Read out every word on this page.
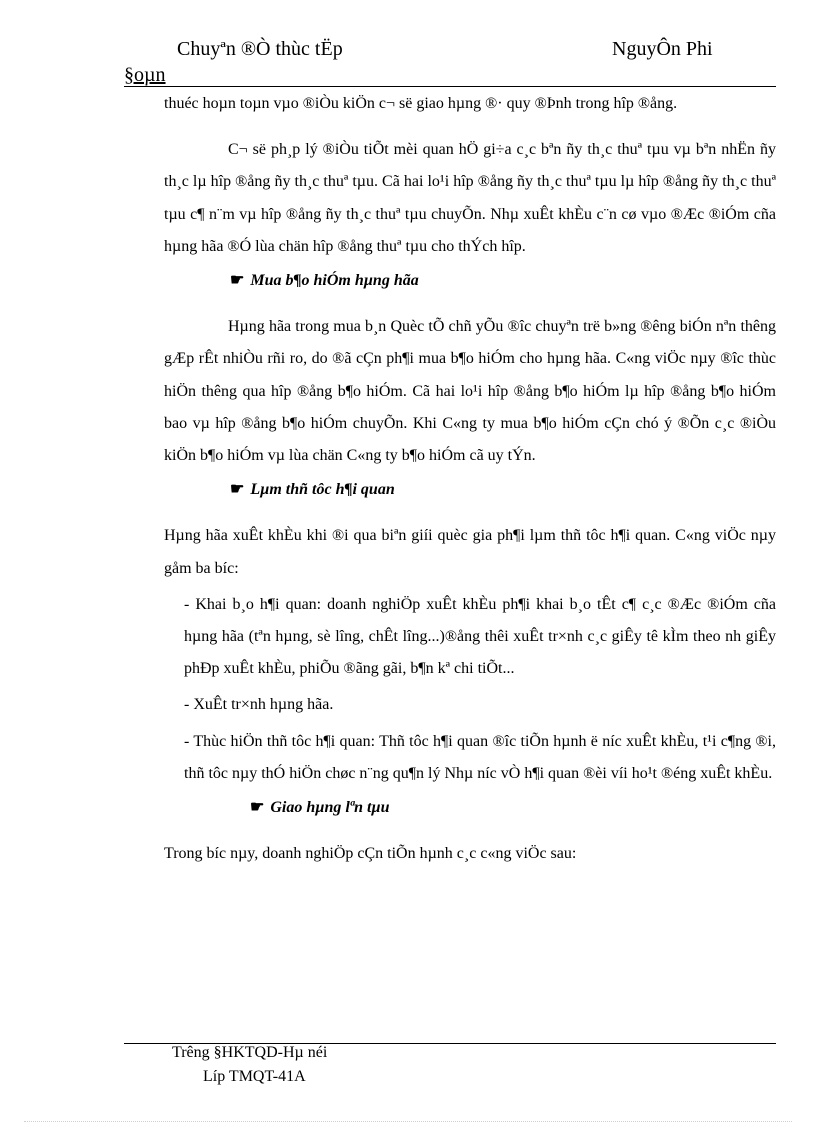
Chuyªn ®Ò thùc tËp	NguyÔn Phi
§oµn

thuéc hoµn toµn vµo ®iÒu kiÖn c¬ së giao hµng ®· quy ®Þnh trong hîp ®ång.

C¬ së ph¸p lý ®iÒu tiÕt mèi quan hÖ gi÷a c¸c bªn ñy th¸c thuª tµu vµ bªn nhËn ñy th¸c lµ hîp ®ång ñy th¸c thuª tµu. Cã hai lo¹i hîp ®ång ñy th¸c thuª tµu lµ hîp ®ång ñy th¸c thuª tµu c¶ n¨m vµ hîp ®ång ñy th¸c thuª tµu chuyÕn. Nhµ xuÊt khÈu c¨n cø vµo ®Æc ®iÓm cña hµng hãa ®Ó lùa chän hîp ®ång thuª tµu cho thÝch hîp.

☛ Mua b¶o hiÓm hµng hãa

Hµng hãa trong mua b¸n Quèc tÕ chñ yÕu ®îc chuyªn trë b»ng ®êng biÓn nªn thêng gÆp rÊt nhiÒu rñi ro, do ®ã cÇn ph¶i mua b¶o hiÓm cho hµng hãa. C«ng viÖc nµy ®îc thùc hiÖn thêng qua hîp ®ång b¶o hiÓm. Cã hai lo¹i hîp ®ång b¶o hiÓm lµ hîp ®ång b¶o hiÓm bao vµ hîp ®ång b¶o hiÓm chuyÕn. Khi C«ng ty mua b¶o hiÓm cÇn chó ý ®Õn c¸c ®iÒu kiÖn b¶o hiÓm vµ lùa chän C«ng ty b¶o hiÓm cã uy tÝn.

☛ Lµm thñ tôc h¶i quan

Hµng hãa xuÊt khÈu khi ®i qua biªn giíi quèc gia ph¶i lµm thñ tôc h¶i quan. C«ng viÖc nµy gåm ba bíc:

- Khai b¸o h¶i quan: doanh nghiÖp xuÊt khÈu ph¶i khai b¸o tÊt c¶ c¸c ®Æc ®iÓm cña hµng hãa (tªn hµng, sè lîng, chÊt lîng...)®ång thêi xuÊt tr×nh c¸c giÊy tê kÌm theo nh giÊy phÐp xuÊt khÈu, phiÕu ®ãng gãi, b¶n kª chi tiÕt...

- XuÊt tr×nh hµng hãa.

- Thùc hiÖn thñ tôc h¶i quan: Thñ tôc h¶i quan ®îc tiÕn hµnh ë níc xuÊt khÈu, t¹i c¶ng ®i, thñ tôc nµy thÓ hiÖn chøc n¨ng qu¶n lý Nhµ níc vÒ h¶i quan ®èi víi ho¹t ®éng xuÊt khÈu.

☛ Giao hµng lªn tµu

Trong bíc nµy, doanh nghiÖp cÇn tiÕn hµnh c¸c c«ng viÖc sau:

Trêng §HKTQD-Hµ néi
Líp TMQT-41A
